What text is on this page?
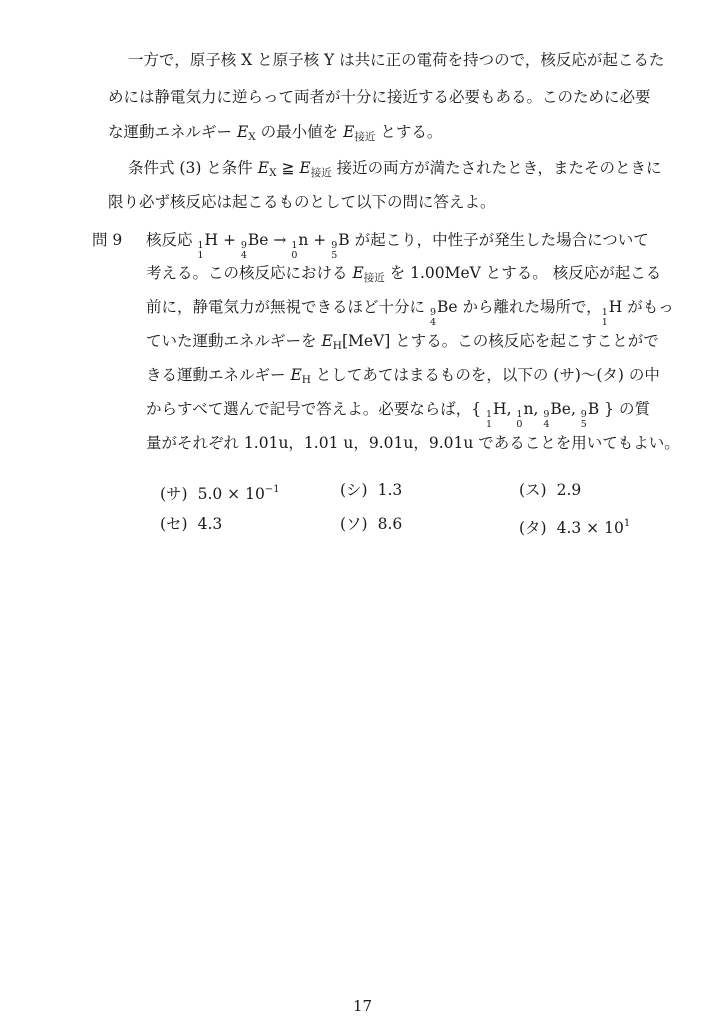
一方で，原子核 X と原子核 Y は共に正の電荷を持つので，核反応が起こるた
めには静電気力に逆らって両者が十分に接近する必要もある。このために必要
な運動エネルギー $E_X$ の最小値を $E_{接近}$ とする。
条件式 (3) と条件 $E_X$ ≧ $E_{接近}$ 接近の両方が満たされたとき，またそのときに
限り必ず核反応は起こるものとして以下の問に答えよ。
問 9 核反応 1
1
H + 9
4
Be → 1
0
n + 9
5
B が起こり，中性子が発生した場合について
考える。この核反応における $E_{接近}$ を 1.00MeV とする。 核反応が起こる
前に，静電気力が無視できるほど十分に 9
4
Be から離れた場所で， 1
1
H がもっ
ていた運動エネルギーを $E_H[MeV]$ とする。この核反応を起こすことがで
きる運動エネルギー $E_H$ としてあてはまるものを，以下の (サ)〜(タ) の中
からすべて選んで記号で答えよ。必要ならば，{ 1
1
H, 1
0
n, 9
4
Be, 9
5
B } の質
量がそれぞれ 1.01u，1.01 u，9.01u，9.01u であることを用いてもよい。
(サ) $5.0 \times 10^{-1}$	(シ) 1.3	(ス) 2.9
(セ) 4.3	(ソ) 8.6	(タ) $4.3 \times 10^1$
17
